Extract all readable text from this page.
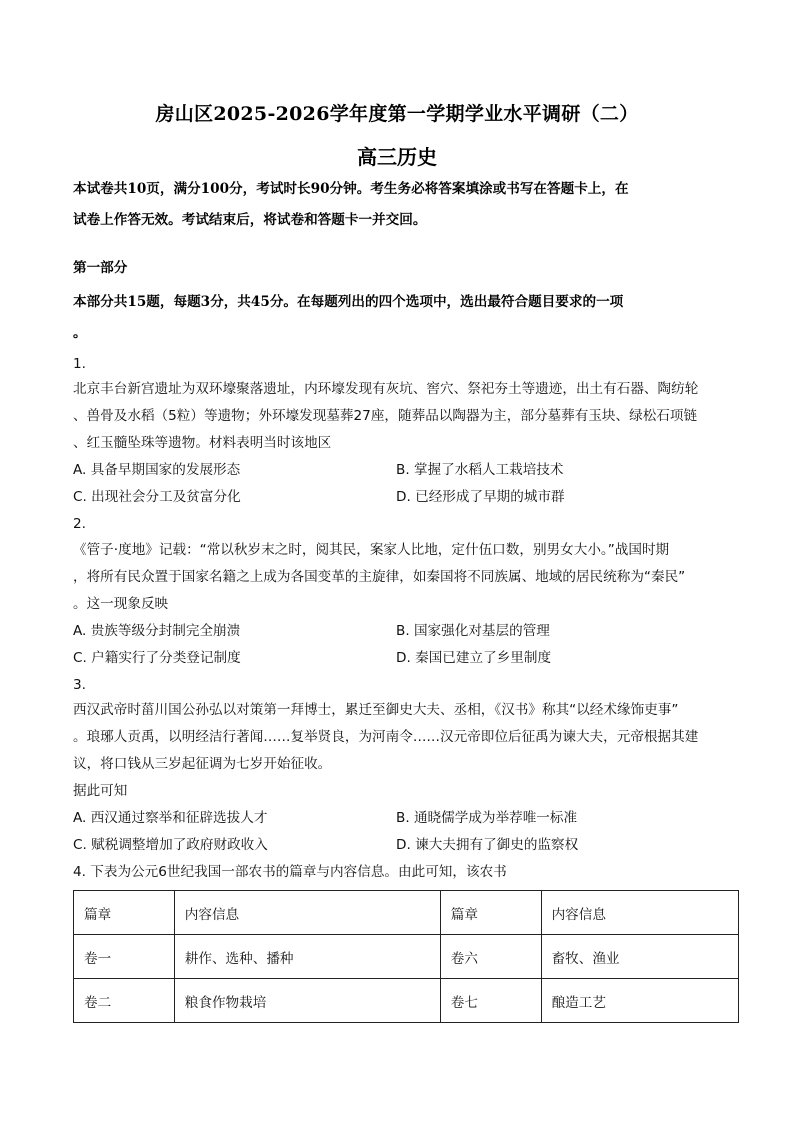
房山区2025-2026学年度第一学期学业水平调研（二）
高三历史
本试卷共10页，满分100分，考试时长90分钟。考生务必将答案填涂或书写在答题卡上，在
试卷上作答无效。考试结束后，将试卷和答题卡一并交回。
第一部分
本部分共15题，每题3分，共45分。在每题列出的四个选项中，选出最符合题目要求的一项
。
1.
北京丰台新宫遗址为双环壕聚落遗址，内环壕发现有灰坑、窖穴、祭祀夯土等遗迹，出土有石器、陶纺轮
、兽骨及水稻（5粒）等遗物；外环壕发现墓葬27座，随葬品以陶器为主，部分墓葬有玉块、绿松石项链
、红玉髓坠珠等遗物。材料表明当时该地区
A. 具备早期国家的发展形态	B. 掌握了水稻人工栽培技术
C. 出现社会分工及贫富分化	D. 已经形成了早期的城市群
2.
《管子·度地》记载：“常以秋岁末之时，阅其民，案家人比地，定什伍口数，别男女大小。”战国时期
，将所有民众置于国家名籍之上成为各国变革的主旋律，如秦国将不同族属、地域的居民统称为“秦民”
。这一现象反映
A. 贵族等级分封制完全崩溃	B. 国家强化对基层的管理
C. 户籍实行了分类登记制度	D. 秦国已建立了乡里制度
3.
西汉武帝时菑川国公孙弘以对策第一拜博士，累迁至御史大夫、丞相，《汉书》称其“以经术缘饰吏事”
。琅琊人贡禹，以明经洁行著闻……复举贤良，为河南令……汉元帝即位后征禹为谏大夫，元帝根据其建
议，将口钱从三岁起征调为七岁开始征收。
据此可知
A. 西汉通过察举和征辟选拔人才	B. 通晓儒学成为举荐唯一标准
C. 赋税调整增加了政府财政收入	D. 谏大夫拥有了御史的监察权
4. 下表为公元6世纪我国一部农书的篇章与内容信息。由此可知，该农书
篇章	内容信息	篇章	内容信息
卷一	耕作、选种、播种	卷六	畜牧、渔业
卷二	粮食作物栽培	卷七	酿造工艺
